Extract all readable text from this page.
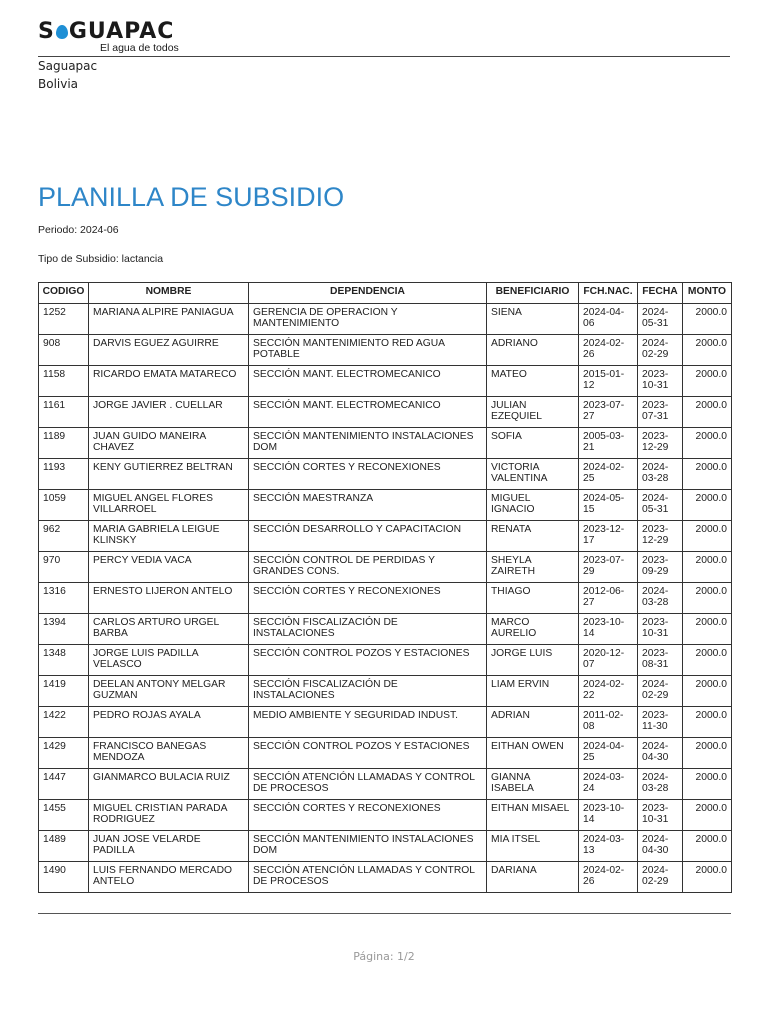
S GUAPAC
El agua de todos
Saguapac
Bolivia
PLANILLA DE SUBSIDIO
Periodo: 2024-06
Tipo de Subsidio: lactancia
CODIGO	NOMBRE	DEPENDENCIA	BENEFICIARIO	FCH.NAC.	FECHA	MONTO
1252	MARIANA ALPIRE PANIAGUA	GERENCIA DE OPERACION Y MANTENIMIENTO	SIENA	2024-04-06	2024-05-31	2000.0
908	DARVIS EGUEZ AGUIRRE	SECCIÓN MANTENIMIENTO RED AGUA POTABLE	ADRIANO	2024-02-26	2024-02-29	2000.0
1158	RICARDO EMATA MATARECO	SECCIÓN MANT. ELECTROMECANICO	MATEO	2015-01-12	2023-10-31	2000.0
1161	JORGE JAVIER . CUELLAR	SECCIÓN MANT. ELECTROMECANICO	JULIAN EZEQUIEL	2023-07-27	2023-07-31	2000.0
1189	JUAN GUIDO MANEIRA CHAVEZ	SECCIÓN MANTENIMIENTO INSTALACIONES DOM	SOFIA	2005-03-21	2023-12-29	2000.0
1193	KENY GUTIERREZ BELTRAN	SECCIÓN CORTES Y RECONEXIONES	VICTORIA VALENTINA	2024-02-25	2024-03-28	2000.0
1059	MIGUEL ANGEL FLORES VILLARROEL	SECCIÓN MAESTRANZA	MIGUEL IGNACIO	2024-05-15	2024-05-31	2000.0
962	MARIA GABRIELA LEIGUE KLINSKY	SECCIÓN DESARROLLO Y CAPACITACION	RENATA	2023-12-17	2023-12-29	2000.0
970	PERCY VEDIA VACA	SECCIÓN CONTROL DE PERDIDAS Y GRANDES CONS.	SHEYLA ZAIRETH	2023-07-29	2023-09-29	2000.0
1316	ERNESTO LIJERON ANTELO	SECCIÓN CORTES Y RECONEXIONES	THIAGO	2012-06-27	2024-03-28	2000.0
1394	CARLOS ARTURO URGEL BARBA	SECCIÓN FISCALIZACIÓN DE INSTALACIONES	MARCO AURELIO	2023-10-14	2023-10-31	2000.0
1348	JORGE LUIS PADILLA VELASCO	SECCIÓN CONTROL POZOS Y ESTACIONES	JORGE LUIS	2020-12-07	2023-08-31	2000.0
1419	DEELAN ANTONY MELGAR GUZMAN	SECCIÓN FISCALIZACIÓN DE INSTALACIONES	LIAM ERVIN	2024-02-22	2024-02-29	2000.0
1422	PEDRO ROJAS AYALA	MEDIO AMBIENTE Y SEGURIDAD INDUST.	ADRIAN	2011-02-08	2023-11-30	2000.0
1429	FRANCISCO BANEGAS MENDOZA	SECCIÓN CONTROL POZOS Y ESTACIONES	EITHAN OWEN	2024-04-25	2024-04-30	2000.0
1447	GIANMARCO BULACIA RUIZ	SECCIÓN ATENCIÓN LLAMADAS Y CONTROL DE PROCESOS	GIANNA ISABELA	2024-03-24	2024-03-28	2000.0
1455	MIGUEL CRISTIAN PARADA RODRIGUEZ	SECCIÓN CORTES Y RECONEXIONES	EITHAN MISAEL	2023-10-14	2023-10-31	2000.0
1489	JUAN JOSE VELARDE PADILLA	SECCIÓN MANTENIMIENTO INSTALACIONES DOM	MIA ITSEL	2024-03-13	2024-04-30	2000.0
1490	LUIS FERNANDO MERCADO ANTELO	SECCIÓN ATENCIÓN LLAMADAS Y CONTROL DE PROCESOS	DARIANA	2024-02-26	2024-02-29	2000.0
Página: 1/2
